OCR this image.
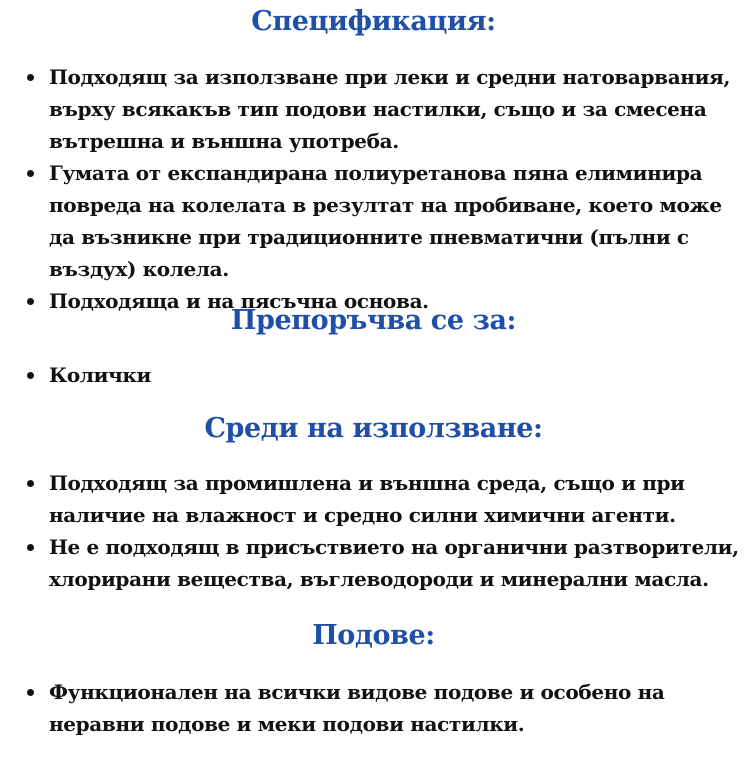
Спецификация:
Подходящ за използване при леки и средни натоварвания, върху всякакъв тип подови настилки, също и за смесена вътрешна и външна употреба.
Гумата от експандирана полиуретанова пяна елиминира повреда на колелата в резултат на пробиване, което може да възникне при традиционните пневматични (пълни с въздух) колела.
Подходяща и на пясъчна основа.
Препоръчва се за:
Колички
Среди на използване:
Подходящ за промишлена и външна среда, също и при наличие на влажност и средно силни химични агенти.
Не е подходящ в присъствието на органични разтворители, хлорирани вещества, въглеводороди и минерални масла.
Подове:
Функционален на всички видове подове и особено на неравни подове и меки подови настилки.
